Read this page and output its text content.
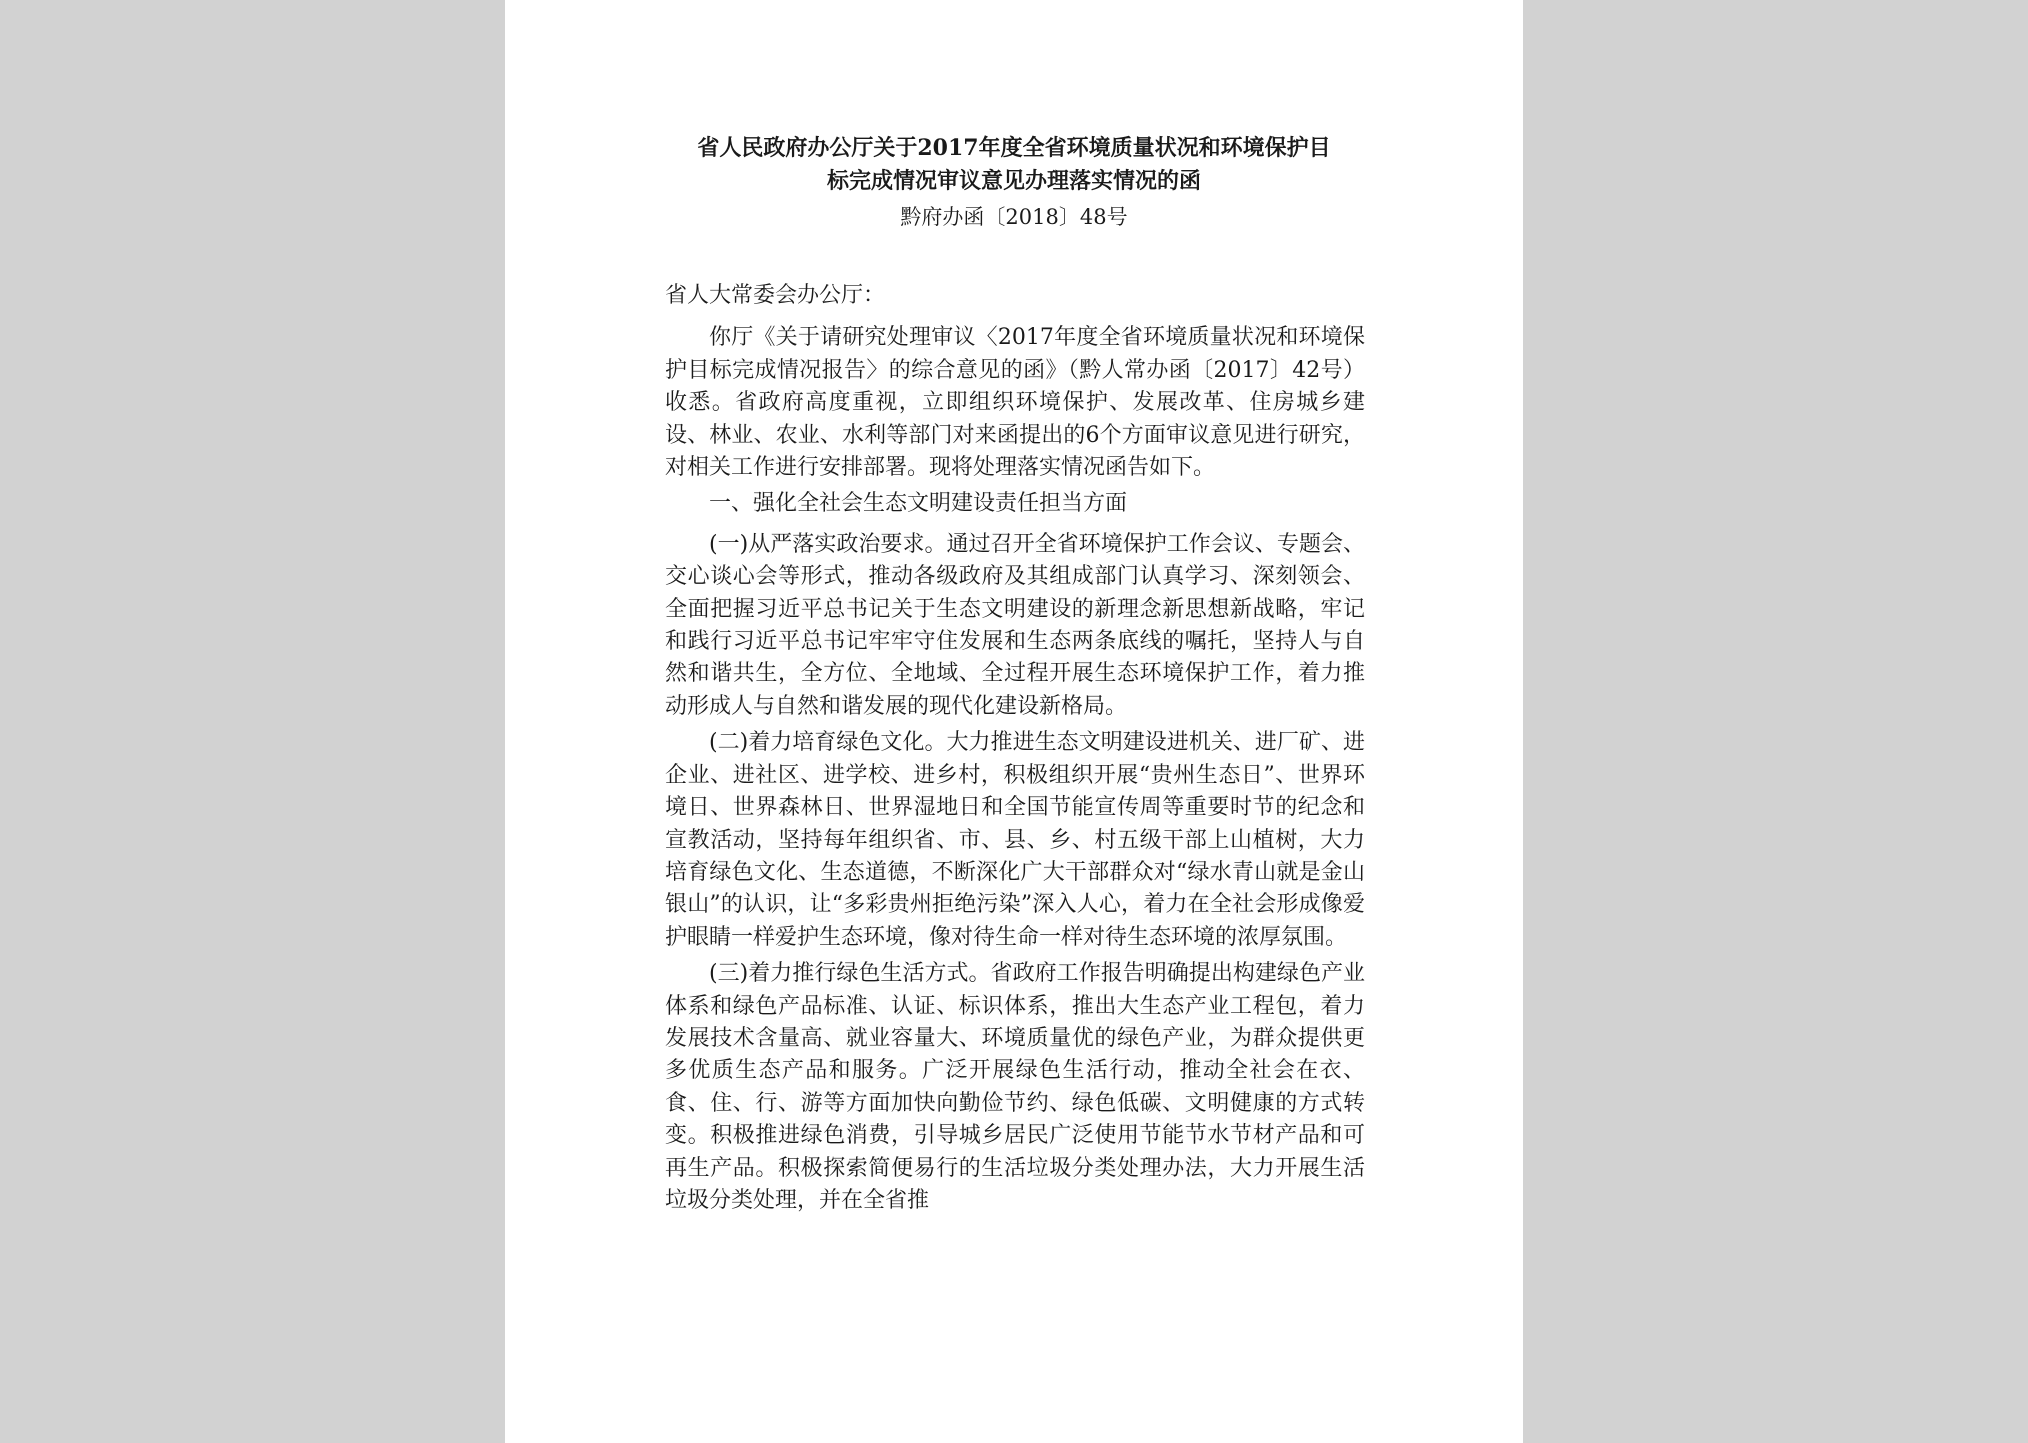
省人民政府办公厅关于2017年度全省环境质量状况和环境保护目
标完成情况审议意见办理落实情况的函
黔府办函〔2018〕48号

省人大常委会办公厅：

你厅《关于请研究处理审议〈2017年度全省环境质量状况和环境保护目标完成情况报告〉的综合意见的函》（黔人常办函〔2017〕42号）收悉。省政府高度重视，立即组织环境保护、发展改革、住房城乡建设、林业、农业、水利等部门对来函提出的6个方面审议意见进行研究，对相关工作进行安排部署。现将处理落实情况函告如下。

一、强化全社会生态文明建设责任担当方面

(一)从严落实政治要求。通过召开全省环境保护工作会议、专题会、交心谈心会等形式，推动各级政府及其组成部门认真学习、深刻领会、全面把握习近平总书记关于生态文明建设的新理念新思想新战略，牢记和践行习近平总书记牢牢守住发展和生态两条底线的嘱托，坚持人与自然和谐共生，全方位、全地域、全过程开展生态环境保护工作，着力推动形成人与自然和谐发展的现代化建设新格局。

(二)着力培育绿色文化。大力推进生态文明建设进机关、进厂矿、进企业、进社区、进学校、进乡村，积极组织开展“贵州生态日”、世界环境日、世界森林日、世界湿地日和全国节能宣传周等重要时节的纪念和宣教活动，坚持每年组织省、市、县、乡、村五级干部上山植树，大力培育绿色文化、生态道德，不断深化广大干部群众对“绿水青山就是金山银山”的认识，让“多彩贵州拒绝污染”深入人心，着力在全社会形成像爱护眼睛一样爱护生态环境，像对待生命一样对待生态环境的浓厚氛围。

(三)着力推行绿色生活方式。省政府工作报告明确提出构建绿色产业体系和绿色产品标准、认证、标识体系，推出大生态产业工程包，着力发展技术含量高、就业容量大、环境质量优的绿色产业，为群众提供更多优质生态产品和服务。广泛开展绿色生活行动，推动全社会在衣、食、住、行、游等方面加快向勤俭节约、绿色低碳、文明健康的方式转变。积极推进绿色消费，引导城乡居民广泛使用节能节水节材产品和可再生产品。积极探索简便易行的生活垃圾分类处理办法，大力开展生活垃圾分类处理，并在全省推
